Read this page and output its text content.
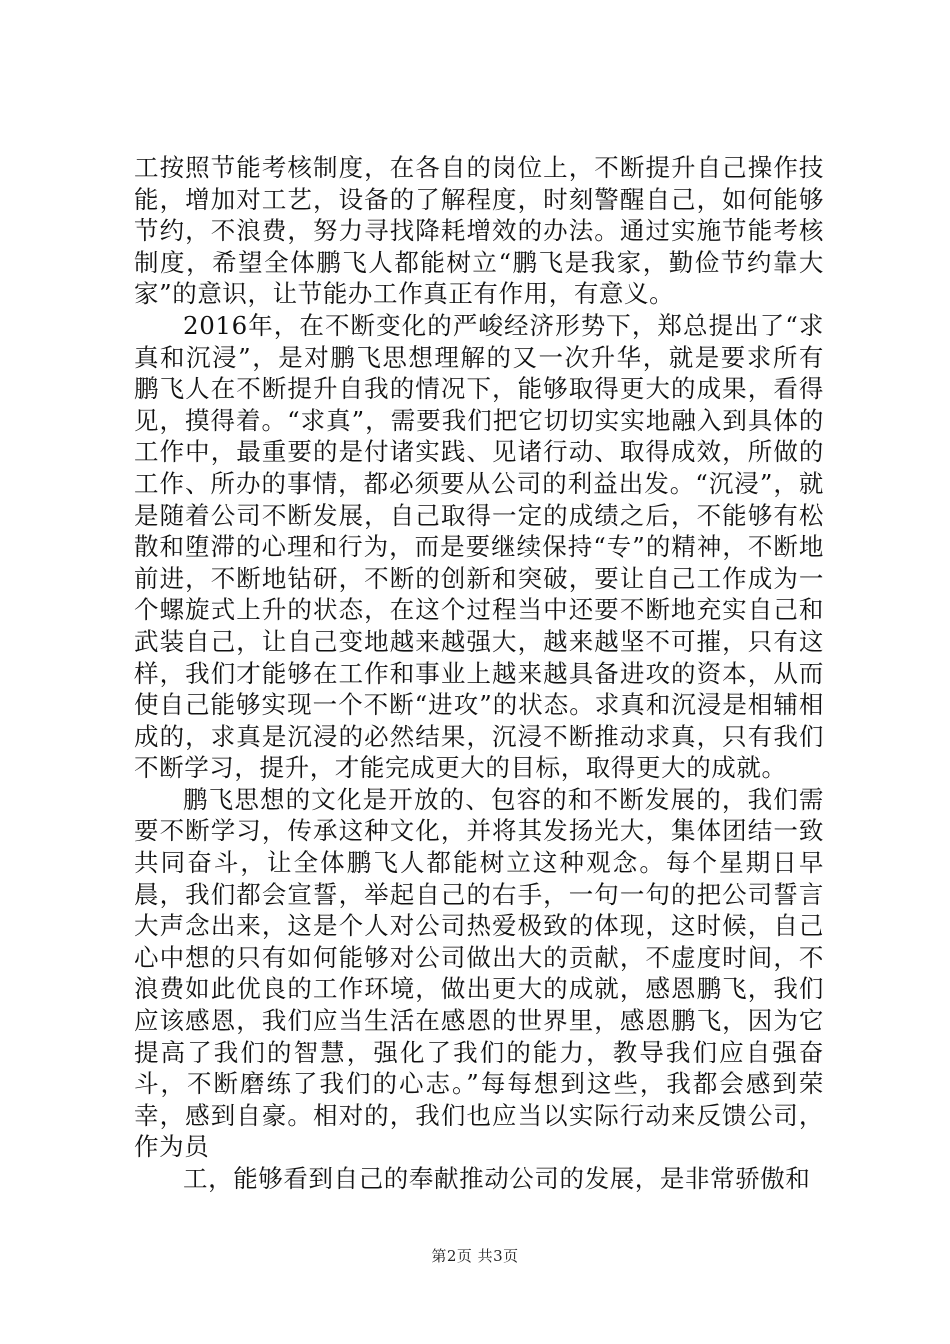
工按照节能考核制度，在各自的岗位上，不断提升自己操作技能，增加对工艺，设备的了解程度，时刻警醒自己，如何能够节约，不浪费，努力寻找降耗增效的办法。通过实施节能考核制度，希望全体鹏飞人都能树立“鹏飞是我家，勤俭节约靠大家”的意识，让节能办工作真正有作用，有意义。

2016年，在不断变化的严峻经济形势下，郑总提出了“求真和沉浸”，是对鹏飞思想理解的又一次升华，就是要求所有鹏飞人在不断提升自我的情况下，能够取得更大的成果，看得见，摸得着。“求真”，需要我们把它切切实实地融入到具体的工作中，最重要的是付诸实践、见诸行动、取得成效，所做的工作、所办的事情，都必须要从公司的利益出发。“沉浸”，就是随着公司不断发展，自己取得一定的成绩之后，不能够有松散和堕滞的心理和行为，而是要继续保持“专”的精神，不断地前进，不断地钻研，不断的创新和突破，要让自己工作成为一个螺旋式上升的状态，在这个过程当中还要不断地充实自己和武装自己，让自己变地越来越强大，越来越坚不可摧，只有这样，我们才能够在工作和事业上越来越具备进攻的资本，从而使自己能够实现一个不断“进攻”的状态。求真和沉浸是相辅相成的，求真是沉浸的必然结果，沉浸不断推动求真，只有我们不断学习，提升，才能完成更大的目标，取得更大的成就。

鹏飞思想的文化是开放的、包容的和不断发展的，我们需要不断学习，传承这种文化，并将其发扬光大，集体团结一致共同奋斗，让全体鹏飞人都能树立这种观念。每个星期日早晨，我们都会宣誓，举起自己的右手，一句一句的把公司誓言大声念出来，这是个人对公司热爱极致的体现，这时候，自己心中想的只有如何能够对公司做出大的贡献，不虚度时间，不浪费如此优良的工作环境，做出更大的成就，感恩鹏飞，我们应该感恩，我们应当生活在感恩的世界里，感恩鹏飞，因为它提高了我们的智慧，强化了我们的能力，教导我们应自强奋斗，不断磨练了我们的心志。”每每想到这些，我都会感到荣幸，感到自豪。相对的，我们也应当以实际行动来反馈公司，作为员

工，能够看到自己的奉献推动公司的发展，是非常骄傲和

第2页 共3页
